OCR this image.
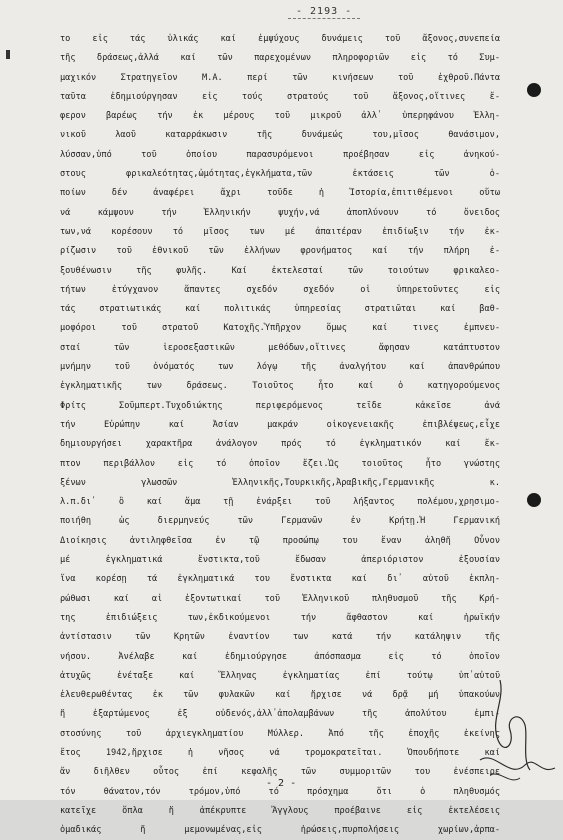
- 2193 -
το εἰς τάς ὑλικάς καί ἐμψύχους δυνάμεις τοῦ ἄξονος,συνεπεία
τῆς δράσεως,ἀλλά καί τῶν παρεχομένων πληροφοριῶν εἰς τό Συμ-
μαχικόν Στρατηγεῖον Μ.Α. περί τῶν κινήσεων τοῦ ἐχθροῦ.Πάντα
ταῦτα ἐδημιούργησαν εἰς τούς στρατούς τοῦ ἄξονος,οἵτινες ἔ-
φερον βαρέως τήν ἐκ μέρους τοῦ μικροῦ ἀλλ᾽ ὑπερηφάνου Ἑλλη-
νικοῦ λαοῦ καταρράκωσιν τῆς δυνάμεώς του,μῖσος θανάσιμον,
λύσσαν,ὑπό τοῦ ὁποίου παρασυρόμενοι προέβησαν εἰς ἀνηκού-
στους φρικαλεότητας,ὠμότητας,ἐγκλήματα,τῶν ἐκτάσεις τῶν ὁ-
ποίων δέν ἀναφέρει ἄχρι τοῦδε ἡ Ἱστορία,ἐπιτιθέμενοι οὕτω
νά κάμψουν τήν Ἑλληνικήν ψυχήν,νά ἀποπλύνουν τό ὄνειδος
των,νά κορέσουν τό μῖσος των μέ ἀπαιτέραν ἐπιδίωξιν τήν ἐκ-
ρίζωσιν τοῦ ἐθνικοῦ τῶν ἑλλήνων φρονήματος καί τήν πλήρη ἐ-
ξουθένωσιν τῆς φυλῆς. Καί ἐκτελεσταί τῶν τοιούτων φρικαλεο-
τήτων ἐτύγχανον ἅπαντες σχεδόν σχεδόν οἱ ὑπηρετοῦντες εἰς
τάς στρατιωτικάς καί πολιτικάς ὑπηρεσίας στρατιῶται καί βαθ-
μοφόροι τοῦ στρατοῦ Κατοχῆς.Ὑπῆρχον ὅμως καί τινες ἐμπνευ-
σταί τῶν ἱεροσεξαστικῶν μεθόδων,οἵτινες ἄφησαν κατάπτυστον
μνήμην τοῦ ὀνόματός των λόγῳ τῆς ἀναλγήτου καί ἀπανθρώπου
ἐγκληματικῆς των δράσεως. Τοιοῦτος ἦτο καί ὁ κατηγορούμενος
Φρίτς Σοῦμπερτ.Τυχοδιώκτης περιφερόμενος τεῖδε κἀκεῖσε ἀνά
τήν Εὐρώπην καί Ἀσίαν μακράν οἰκογενειακῆς ἐπιβλέψεως,εἶχε
δημιουργήσει χαρακτῆρα ἀνάλογον πρός τό ἐγκληματικόν καί ἔκ-
πτον περιβάλλον εἰς τό ὁποῖον ἔζει.Ὡς τοιοῦτος ἦτο γνώστης
ξένων γλωσσῶν Ἑλληνικῆς,Τουρκικῆς,Ἀραβικῆς,Γερμανικῆς κ.
λ.π.δι᾽ ὃ καί ἅμα τῇ ἐνάρξει τοῦ λήξαντος πολέμου,χρησιμο-
ποιήθη ὡς διερμηνεύς τῶν Γερμανῶν ἐν Κρήτῃ.Ἡ Γερμανική
Διοίκησις ἀντιληφθεῖσα ἐν τῷ προσώπῳ του ἕναν ἀληθῆ Οὖνον
μέ ἐγκληματικά ἔνστικτα,τοῦ ἔδωσαν ἀπεριόριστον ἐξουσίαν
ἵνα κορέσῃ τά ἐγκληματικά του ἔνστικτα καί δι᾽ αὐτοῦ ἐκπλη-
ρώθωσι καί αἱ ἐξοντωτικαί τοῦ Ἑλληνικοῦ πληθυσμοῦ τῆς Κρή-
της ἐπιδιώξεις των,ἐκδικούμενοι τήν ἄφθαστον καί ἡρωϊκήν
ἀντίστασιν τῶν Κρητῶν ἐναντίον των κατά τήν κατάληψιν τῆς
νήσου. Ἀνέλαβε καί ἐδημιούργησε ἀπόσπασμα εἰς τό ὁποῖον
ἀτυχῶς ἐνέταξε καί Ἕλληνας ἐγκληματίας ἐπί τούτῳ ὑπ᾽αὐτοῦ
ἐλευθερωθέντας ἐκ τῶν φυλακῶν καί ἤρχισε νά δρᾷ μή ὑπακούων
ἤ ἐξαρτώμενος ἐξ οὐδενός,ἀλλ᾽ἀπολαμβάνων τῆς ἀπολύτου ἐμπι-
στοσύνης τοῦ ἀρχιεγκληματίου Μύλλερ. Ἀπό τῆς ἐποχῆς ἐκείνης
ἔτος 1942,ἤρχισε ἡ νῆσος νά τρομοκρατεῖται. Ὁπουδήποτε καί
ἄν διῆλθεν οὗτος ἐπί κεφαλῆς τῶν συμμοριτῶν του ἐνέσπειρε
τόν θάνατον,τόν τρόμον,ὑπό τό πρόσχημα ὅτι ὁ πληθυσμός
κατεῖχε ὅπλα ἤ ἀπέκρυπτε Ἄγγλους προέβαινε εἰς ἐκτελέσεις
ὁμαδικάς ἤ μεμονωμένας,εἰς ἠρώσεις,πυρπολήσεις χωρίων,ἁρπα-
- 2 -
